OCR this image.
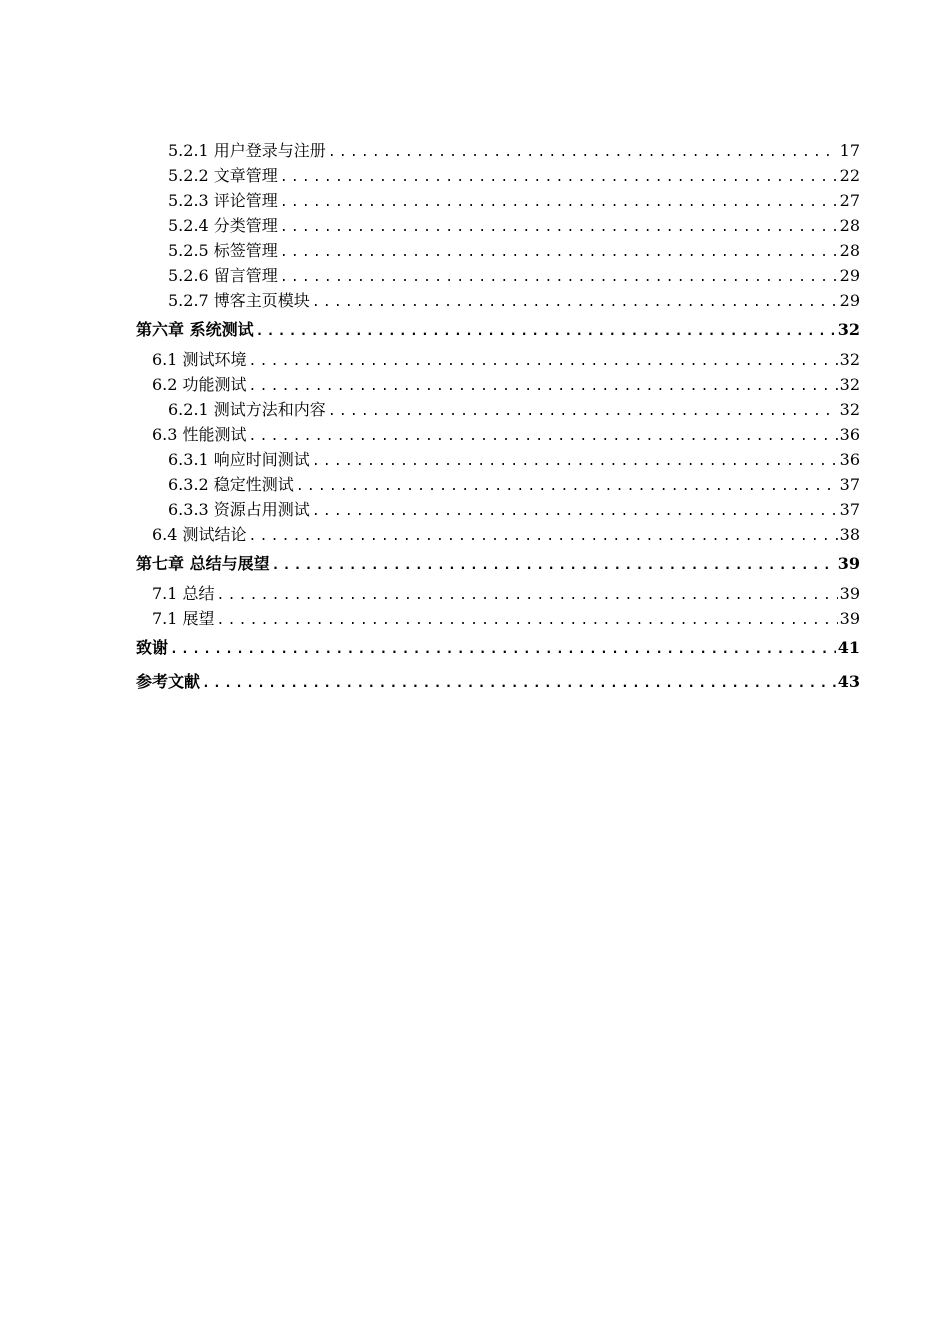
5.2.1 用户登录与注册 .....	17
5.2.2 文章管理 .....	22
5.2.3 评论管理 .....	27
5.2.4 分类管理 .....	28
5.2.5 标签管理 .....	28
5.2.6 留言管理 .....	29
5.2.7 博客主页模块 .....	29
第六章 系统测试 .....	32
6.1 测试环境 .....	32
6.2 功能测试 .....	32
6.2.1 测试方法和内容 .....	32
6.3 性能测试 .....	36
6.3.1 响应时间测试 .....	36
6.3.2 稳定性测试 .....	37
6.3.3 资源占用测试 .....	37
6.4 测试结论 .....	38
第七章 总结与展望 .....	39
7.1 总结 .....	39
7.1 展望 .....	39
致谢 .....	41
参考文献 .....	43
